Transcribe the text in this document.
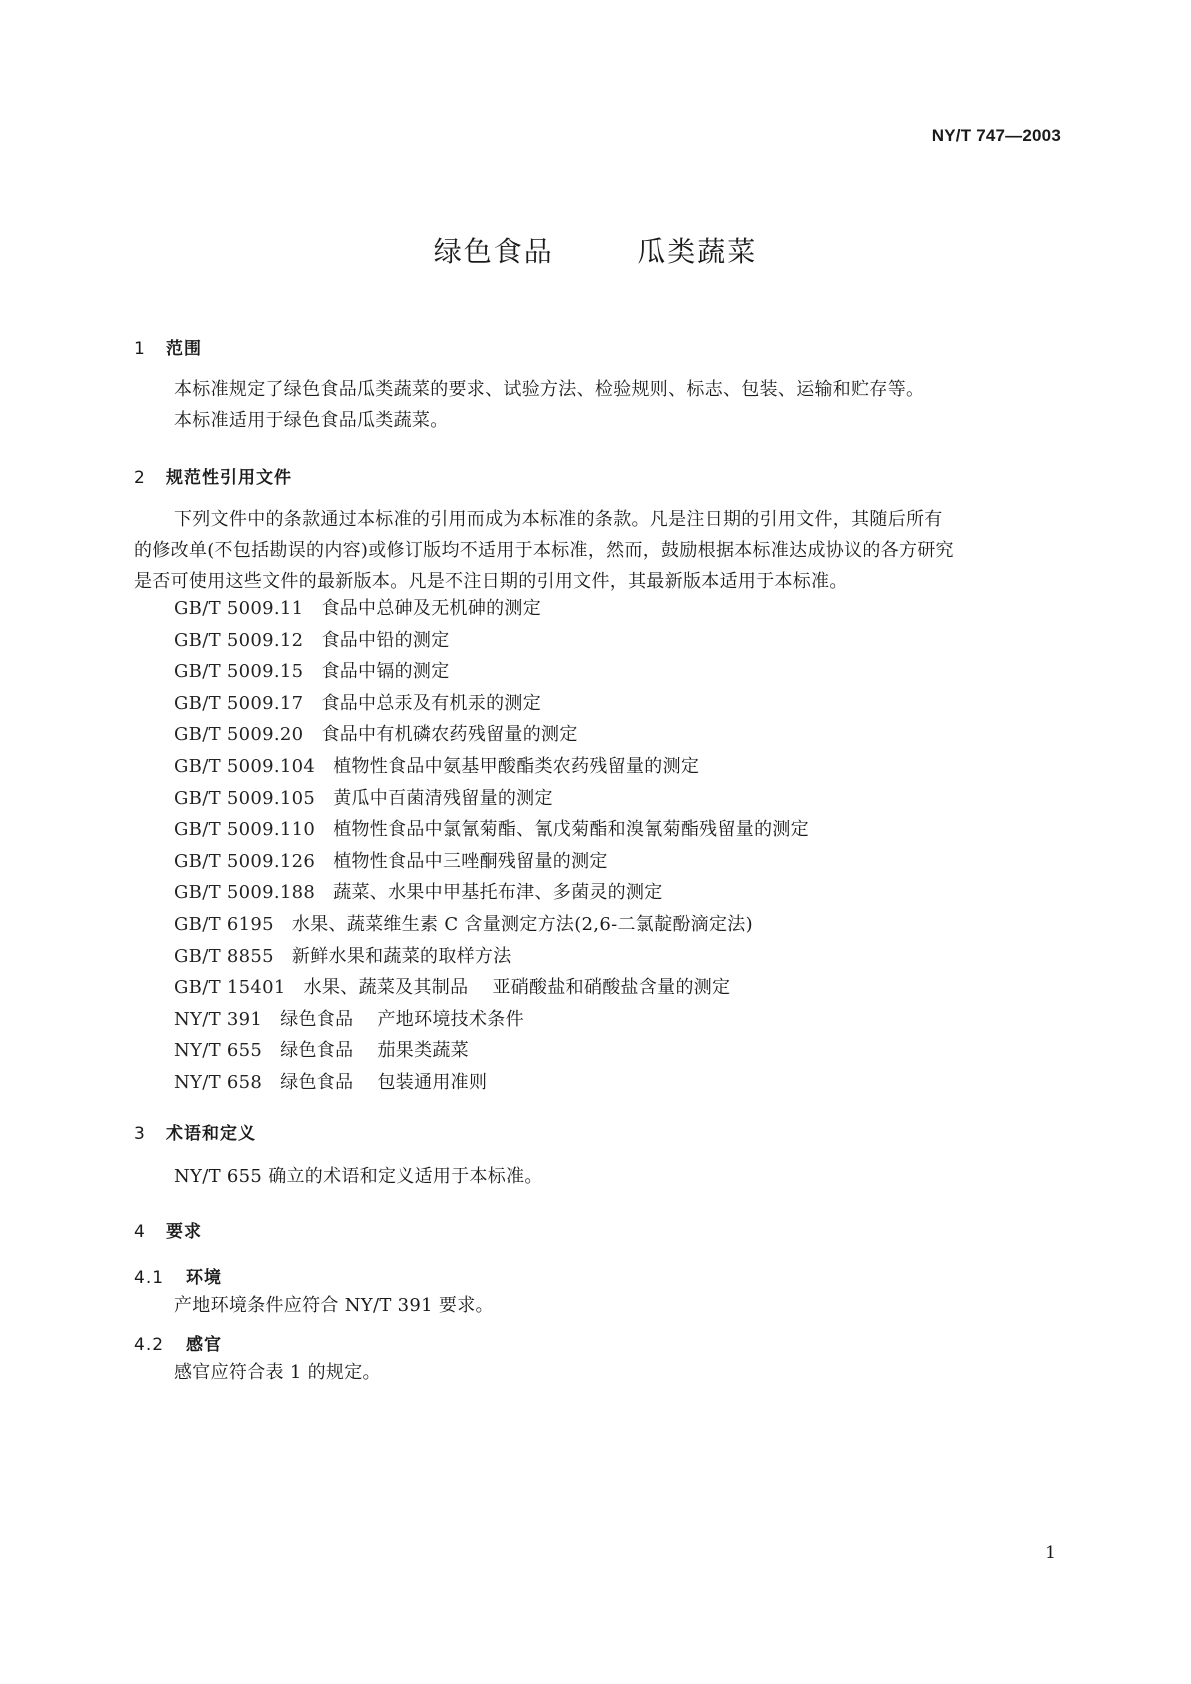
NY/T 747—2003
绿色食品    瓜类蔬菜
1 范围
本标准规定了绿色食品瓜类蔬菜的要求、试验方法、检验规则、标志、包装、运输和贮存等。
本标准适用于绿色食品瓜类蔬菜。
2 规范性引用文件
下列文件中的条款通过本标准的引用而成为本标准的条款。凡是注日期的引用文件，其随后所有
的修改单(不包括勘误的内容)或修订版均不适用于本标准，然而，鼓励根据本标准达成协议的各方研究
是否可使用这些文件的最新版本。凡是不注日期的引用文件，其最新版本适用于本标准。
GB/T 5009.11 食品中总砷及无机砷的测定
GB/T 5009.12 食品中铅的测定
GB/T 5009.15 食品中镉的测定
GB/T 5009.17 食品中总汞及有机汞的测定
GB/T 5009.20 食品中有机磷农药残留量的测定
GB/T 5009.104 植物性食品中氨基甲酸酯类农药残留量的测定
GB/T 5009.105 黄瓜中百菌清残留量的测定
GB/T 5009.110 植物性食品中氯氰菊酯、氰戊菊酯和溴氰菊酯残留量的测定
GB/T 5009.126 植物性食品中三唑酮残留量的测定
GB/T 5009.188 蔬菜、水果中甲基托布津、多菌灵的测定
GB/T 6195 水果、蔬菜维生素 C 含量测定方法(2,6-二氯靛酚滴定法)
GB/T 8855 新鲜水果和蔬菜的取样方法
GB/T 15401 水果、蔬菜及其制品    亚硝酸盐和硝酸盐含量的测定
NY/T 391 绿色食品    产地环境技术条件
NY/T 655 绿色食品    茄果类蔬菜
NY/T 658 绿色食品    包装通用准则
3 术语和定义
NY/T 655 确立的术语和定义适用于本标准。
4 要求
4.1 环境
产地环境条件应符合 NY/T 391 要求。
4.2 感官
感官应符合表 1 的规定。
1
